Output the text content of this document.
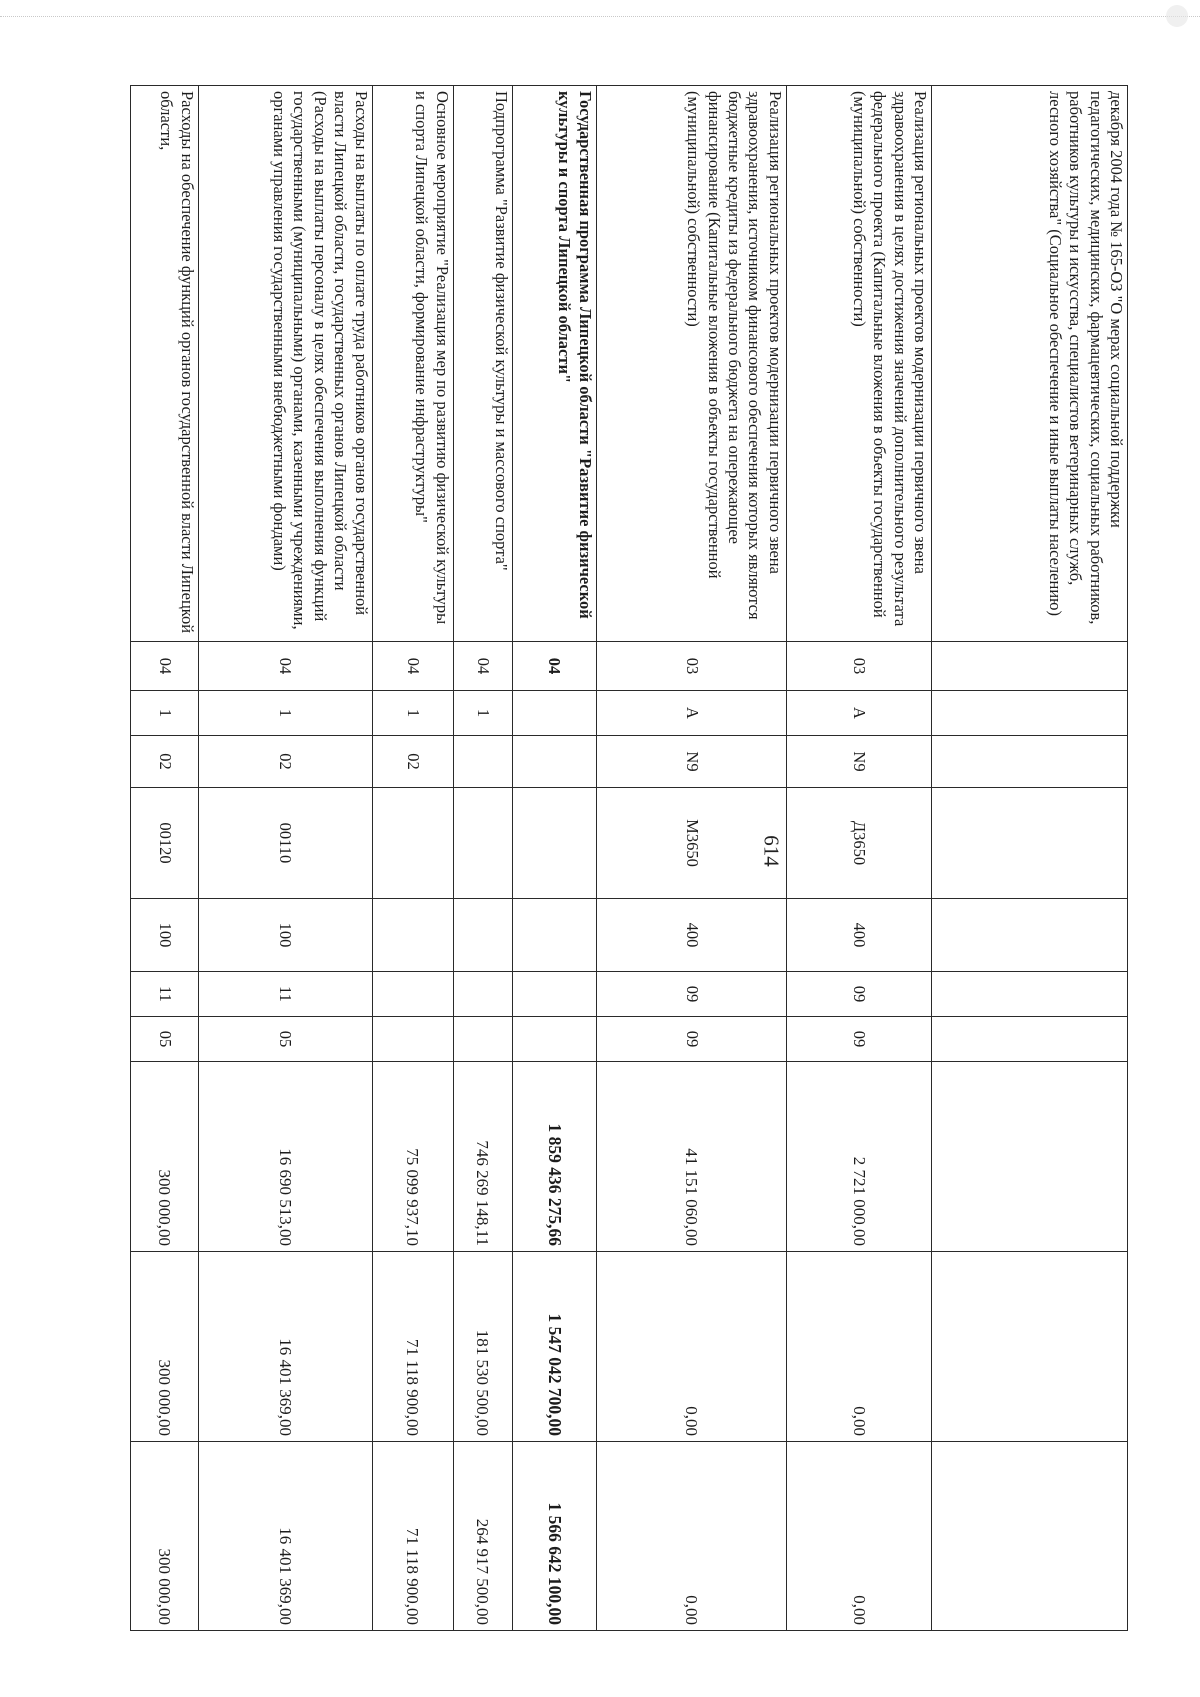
614
декабря 2004 года № 165-ОЗ "О мерах социальной поддержки педагогических, медицинских, фармацевтических, социальных работников, работников культуры и искусства, специалистов ветеринарных служб, лесного хозяйства" (Социальное обеспечение и иные выплаты населению)										
Реализация региональных проектов модернизации первичного звена здравоохранения в целях достижения значений дополнительного результата федерального проекта (Капитальные вложения в объекты государственной (муниципальной) собственности)	03	А	N9	Д3650	400	09	09	2 721 000,00	0,00	0,00
Реализация региональных проектов модернизации первичного звена здравоохранения, источником финансового обеспечения которых являются бюджетные кредиты из федерального бюджета на опережающее финансирование (Капитальные вложения в объекты государственной (муниципальной) собственности)	03	А	N9	М3650	400	09	09	41 151 060,00	0,00	0,00
Государственная программа Липецкой области "Развитие физической культуры и спорта Липецкой области"	04							1 859 436 275,66	1 547 042 700,00	1 566 642 100,00
Подпрограмма "Развитие физической культуры и массового спорта"	04	1						746 269 148,11	181 530 500,00	264 917 500,00
Основное мероприятие "Реализация мер по развитию физической культуры и спорта Липецкой области, формирование инфраструктуры"	04	1	02					75 099 937,10	71 118 900,00	71 118 900,00
Расходы на выплаты по оплате труда работников органов государственной власти Липецкой области, государственных органов Липецкой области (Расходы на выплаты персоналу в целях обеспечения выполнения функций государственными (муниципальными) органами, казенными учреждениями, органами управления государственными внебюджетными фондами)	04	1	02	00110	100	11	05	16 690 513,00	16 401 369,00	16 401 369,00
Расходы на обеспечение функций органов государственной власти Липецкой области,	04	1	02	00120	100	11	05	300 000,00	300 000,00	300 000,00
